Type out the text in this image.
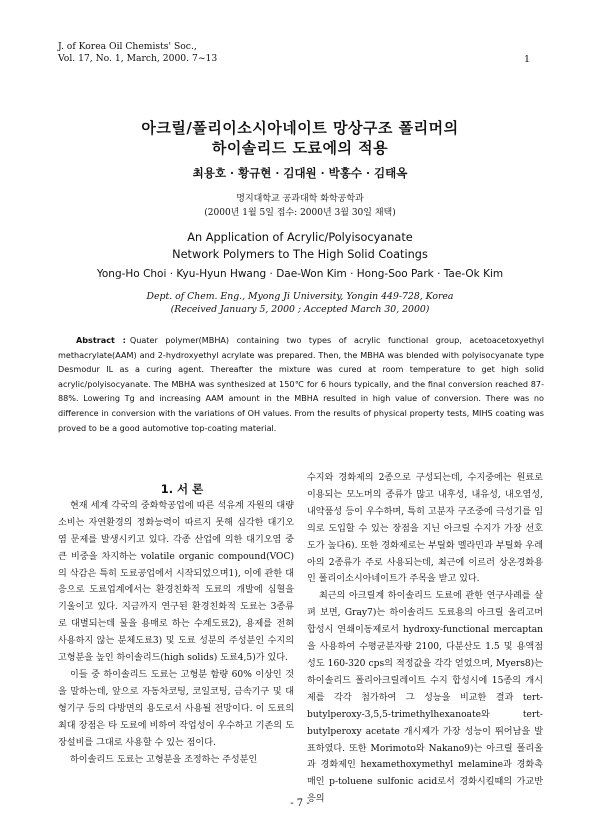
J. of Korea Oil Chemists' Soc.,
Vol. 17, No. 1, March, 2000. 7~13	1
아크릴/폴리이소시아네이트 망상구조 폴리머의
하이솔리드 도료에의 적용
최용호 · 황규현 · 김대원 · 박홍수 · 김태옥
명지대학교 공과대학 화학공학과
(2000년 1월 5일 접수: 2000년 3월 30일 채택)
An Application of Acrylic/Polyisocyanate
Network Polymers to The High Solid Coatings
Yong-Ho Choi · Kyu-Hyun Hwang · Dae-Won Kim · Hong-Soo Park · Tae-Ok Kim
Dept. of Chem. Eng., Myong Ji University, Yongin 449-728, Korea
(Received January 5, 2000 ; Accepted March 30, 2000)
Abstract : Quater polymer(MBHA) containing two types of acrylic functional group, acetoacetoxyethyl methacrylate(AAM) and 2-hydroxyethyl acrylate was prepared. Then, the MBHA was blended with polyisocyanate type Desmodur IL as a curing agent. Thereafter the mixture was cured at room temperature to get high solid acrylic/polyisocyanate. The MBHA was synthesized at 150℃ for 6 hours typically, and the final conversion reached 87-88%. Lowering Tg and increasing AAM amount in the MBHA resulted in high value of conversion. There was no difference in conversion with the variations of OH values. From the results of physical property tests, MIHS coating was proved to be a good automotive top-coating material.

1. 서 론

현재 세계 각국의 중화학공업에 따른 석유계 자원의 대량소비는 자연환경의 정화능력이 따르지 못해 심각한 대기오염 문제를 발생시키고 있다. 각종 산업에 의한 대기오염 중 큰 비중을 차지하는 volatile organic compound(VOC)의 삭감은 특히 도료공업에서 시작되었으며1), 이에 관한 대응으로 도료업계에서는 환경친화적 도료의 개발에 심혈을 기울이고 있다. 지금까지 연구된 환경친화적 도료는 3종류로 대별되는데 물을 용매로 하는 수계도료2), 용제를 전혀 사용하지 않는 분체도료3) 및 도료 성분의 주성분인 수지의 고형분을 높인 하이솔리드(high solids) 도료4,5)가 있다.

이들 중 하이솔리드 도료는 고형분 함량 60% 이상인 것을 말하는데, 앞으로 자동차코팅, 코일코팅, 금속기구 및 대형기구 등의 다방면의 용도로서 사용될 전망이다. 이 도료의 최대 장점은 타 도료에 비하여 작업성이 우수하고 기존의 도장설비를 그대로 사용할 수 있는 점이다.

하이솔리드 도료는 고형분을 조정하는 주성분인

수지와 경화제의 2종으로 구성되는데, 수지중에는 원료로 이용되는 모노머의 종류가 많고 내후성, 내유성, 내오염성, 내약품성 등이 우수하며, 특히 고분자 구조중에 극성기를 임의로 도입할 수 있는 장점을 지닌 아크릴 수지가 가장 선호도가 높다6). 또한 경화제로는 부틸화 멜라민과 부틸화 우레아의 2종류가 주로 사용되는데, 최근에 이르러 상온경화용인 폴리이소시아네이트가 주목을 받고 있다.

최근의 아크릴계 하이솔리드 도료에 관한 연구사례를 살펴 보면, Gray7)는 하이솔리드 도료용의 아크릴 올리고머 합성시 연쇄이동제로서 hydroxy-functional mercaptan을 사용하여 수평균분자량 2100, 다분산도 1.5 및 용액점성도 160-320 cps의 적정값을 각각 얻었으며, Myers8)는 하이솔리드 폴리아크릴레이트 수지 합성시에 15종의 개시제를 각각 첨가하여 그 성능을 비교한 결과 tert-butylperoxy-3,5,5-trimethylhexanoate와 tert-butylperoxy acetate 개시제가 가장 성능이 뛰어남을 발표하였다. 또한 Morimoto와 Nakano9)는 아크릴 폴리올과 경화제인 hexamethoxymethyl melamine과 경화촉매인 p-toluene sulfonic acid로서 경화시킬때의 가교반응의

- 7 -
